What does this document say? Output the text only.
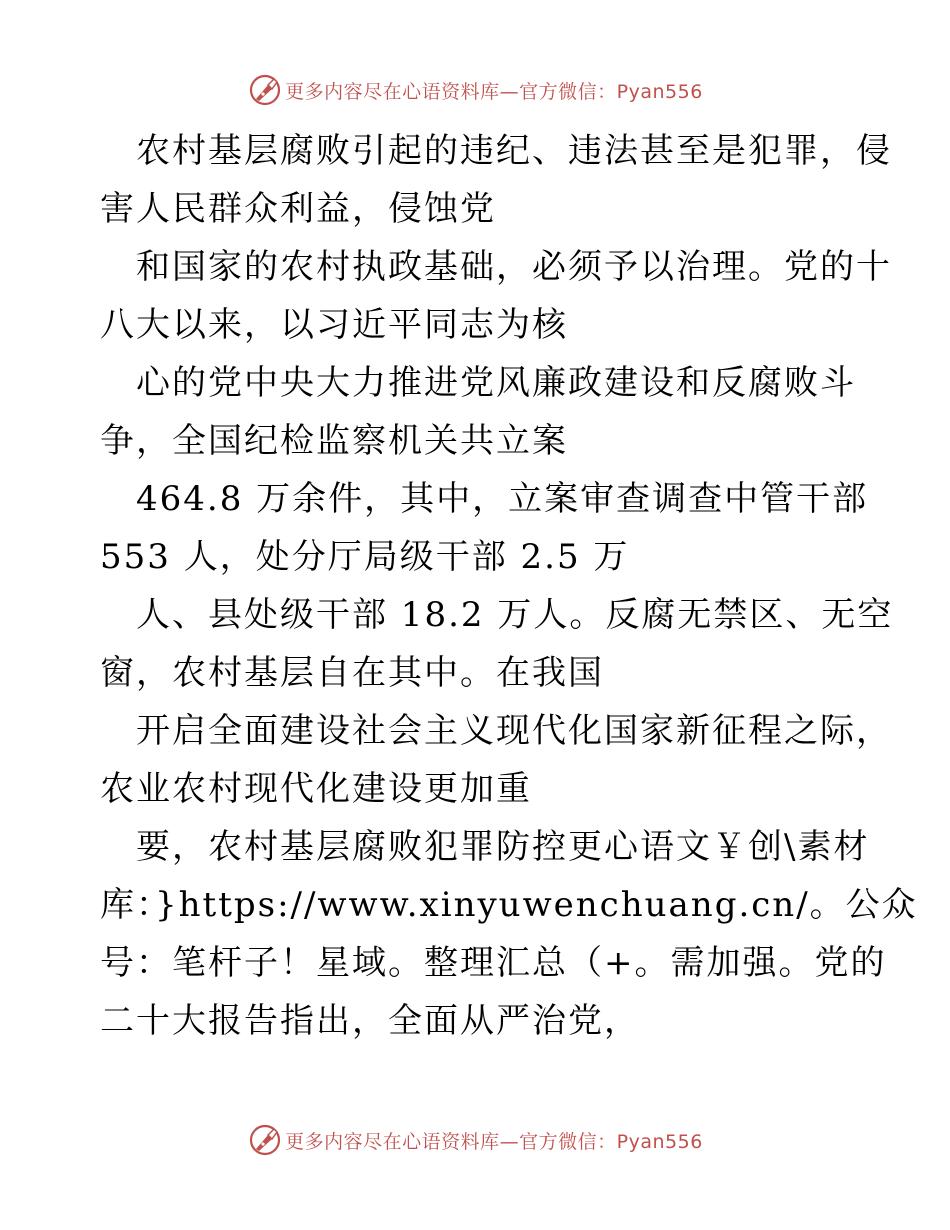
更多内容尽在心语资料库—官方微信：Pyan556
农村基层腐败引起的违纪、违法甚至是犯罪，侵
害人民群众利益，侵蚀党
和国家的农村执政基础，必须予以治理。党的十
八大以来，以习近平同志为核
心的党中央大力推进党风廉政建设和反腐败斗
争，全国纪检监察机关共立案
464.8 万余件，其中，立案审查调查中管干部
553 人，处分厅局级干部 2.5 万
人、县处级干部 18.2 万人。反腐无禁区、无空
窗，农村基层自在其中。在我国
开启全面建设社会主义现代化国家新征程之际，
农业农村现代化建设更加重
要，农村基层腐败犯罪防控更心语文￥创\素材
库：}https://www.xinyuwenchuang.cn/。公众
号：笔杆子！星域。整理汇总（+。需加强。党的
二十大报告指出，全面从严治党，
更多内容尽在心语资料库—官方微信：Pyan556
